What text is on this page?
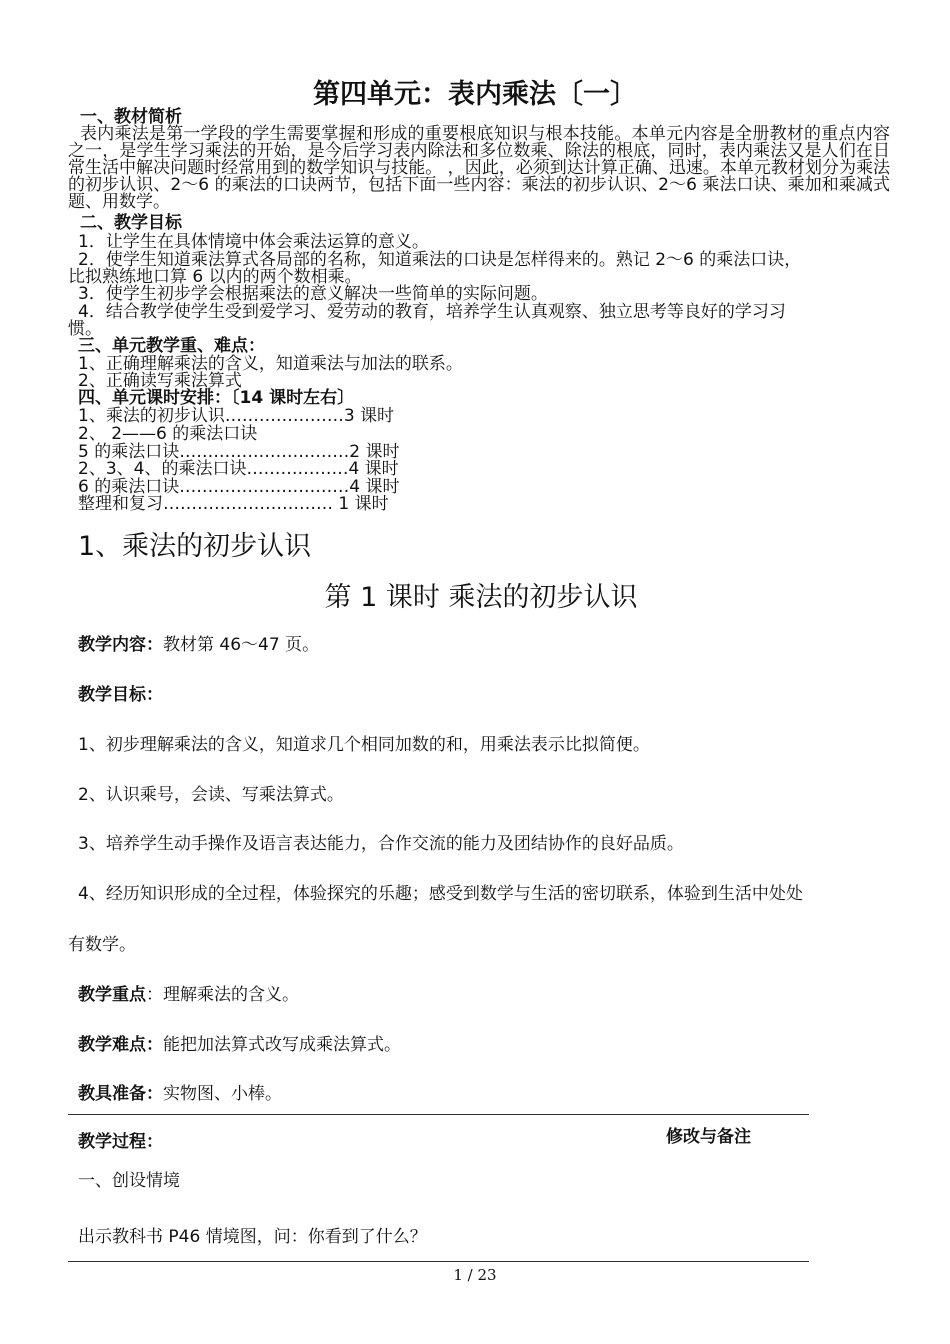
第四单元：表内乘法〔一〕
一、教材简析
表内乘法是第一学段的学生需要掌握和形成的重要根底知识与根本技能。本单元内容是全册教材的重点内容之一，是学生学习乘法的开始，是今后学习表内除法和多位数乘、除法的根底，同时，表内乘法又是人们在日常生活中解决问题时经常用到的数学知识与技能。 ，因此，必须到达计算正确、迅速。本单元教材划分为乘法的初步认识、2～6 的乘法的口诀两节，包括下面一些内容：乘法的初步认识、2～6 乘法口诀、乘加和乘减式题、用数学。
二、教学目标
1．让学生在具体情境中体会乘法运算的意义。
2．使学生知道乘法算式各局部的名称，知道乘法的口诀是怎样得来的。熟记 2～6 的乘法口诀，
比拟熟练地口算 6 以内的两个数相乘。
3．使学生初步学会根据乘法的意义解决一些简单的实际问题。
4．结合教学使学生受到爱学习、爱劳动的教育，培养学生认真观察、独立思考等良好的学习习
惯。
三、单元教学重、难点：
1、正确理解乘法的含义，知道乘法与加法的联系。
2、正确读写乘法算式
四、单元课时安排：〔14 课时左右〕
1、乘法的初步认识…………………3 课时
2、 2——6 的乘法口诀
5 的乘法口诀…………………………2 课时
2、3、4、的乘法口诀………………4 课时
6 的乘法口诀…………………………4 课时
整理和复习………………………… 1 课时
1、乘法的初步认识
第 1 课时 乘法的初步认识
教学内容：教材第 46～47 页。
教学目标：
1、初步理解乘法的含义，知道求几个相同加数的和，用乘法表示比拟简便。
2、认识乘号，会读、写乘法算式。
3、培养学生动手操作及语言表达能力，合作交流的能力及团结协作的良好品质。
4、经历知识形成的全过程，体验探究的乐趣；感受到数学与生活的密切联系，体验到生活中处处
有数学。
教学重点：理解乘法的含义。
教学难点：能把加法算式改写成乘法算式。
教具准备：实物图、小棒。
教学过程：	修改与备注
一、创设情境
出示教科书 P46 情境图，问：你看到了什么？
1 / 23
